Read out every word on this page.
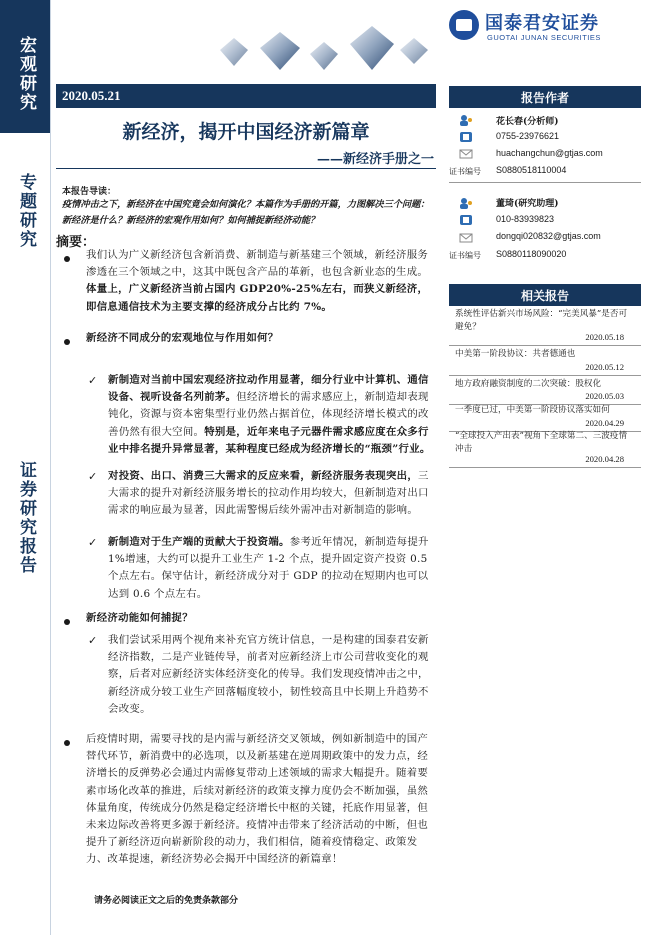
宏观研究
专题研究
证券研究报告
国泰君安证券
GUOTAI JUNAN SECURITIES
2020.05.21
新经济，揭开中国经济新篇章
——新经济手册之一
本报告导读：
疫情冲击之下，新经济在中国究竟会如何演化？本篇作为手册的开篇，力图解决三个问题：新经济是什么？新经济的宏观作用如何？如何捕捉新经济动能？
摘要：
我们认为广义新经济包含新消费、新制造与新基建三个领域，新经济服务渗透在三个领域之中，这其中既包含产品的革新，也包含新业态的生成。体量上，广义新经济当前占国内 GDP20%-25%左右，而狭义新经济，即信息通信技术为主要支撑的经济成分占比约 7%。
新经济不同成分的宏观地位与作用如何？
✓ 新制造对当前中国宏观经济拉动作用显著，细分行业中计算机、通信设备、视听设备名列前茅。但经济增长的需求感应上，新制造却表现钝化，资源与资本密集型行业仍然占据首位，体现经济增长模式的改善仍然有很大空间。特别是，近年来电子元器件需求感应度在众多行业中排名提升异常显著，某种程度已经成为经济增长的“瓶颈”行业。
✓ 对投资、出口、消费三大需求的反应来看，新经济服务表现突出，三大需求的提升对新经济服务增长的拉动作用均较大，但新制造对出口需求的响应最为显著，因此需警惕后续外需冲击对新制造的影响。
✓ 新制造对于生产端的贡献大于投资端。参考近年情况，新制造每提升 1%增速，大约可以提升工业生产 1-2 个点，提升固定资产投资 0.5 个点左右。保守估计，新经济成分对于 GDP 的拉动在短期内也可以达到 0.6 个点左右。
新经济动能如何捕捉？
✓ 我们尝试采用两个视角来补充官方统计信息，一是构建的国泰君安新经济指数，二是产业链传导，前者对应新经济上市公司营收变化的观察，后者对应新经济实体经济变化的传导。我们发现疫情冲击之中，新经济成分较工业生产回落幅度较小，韧性较高且中长期上升趋势不会改变。
后疫情时期，需要寻找的是内需与新经济交叉领域，例如新制造中的国产替代环节，新消费中的必选项，以及新基建在逆周期政策中的发力点，经济增长的反弹势必会通过内需修复带动上述领域的需求大幅提升。随着要素市场化改革的推进，后续对新经济的政策支撑力度仍会不断加强，虽然体量角度，传统成分仍然是稳定经济增长中枢的关键，托底作用显著，但未来边际改善将更多源于新经济。疫情冲击带来了经济活动的中断，但也提升了新经济迈向崭新阶段的动力，我们相信，随着疫情稳定、政策发力、改革提速，新经济势必会揭开中国经济的新篇章！
报告作者
花长春(分析师)
0755-23976621
huachangchun@gtjas.com
证书编号 S0880518110004
董琦(研究助理)
010-83939823
dongqi020832@gtjas.com
证书编号 S0880118090020
相关报告
系统性评估新兴市场风险：“完美风暴”是否可避免？
2020.05.18
中美第一阶段协议：共者德通也
2020.05.12
地方政府融资制度的二次突破：股权化
2020.05.03
一季度已过，中美第一阶段协议落实如何
2020.04.29
“全球投入产出表”视角下全球第二、三波疫情冲击
2020.04.28
请务必阅读正文之后的免责条款部分
